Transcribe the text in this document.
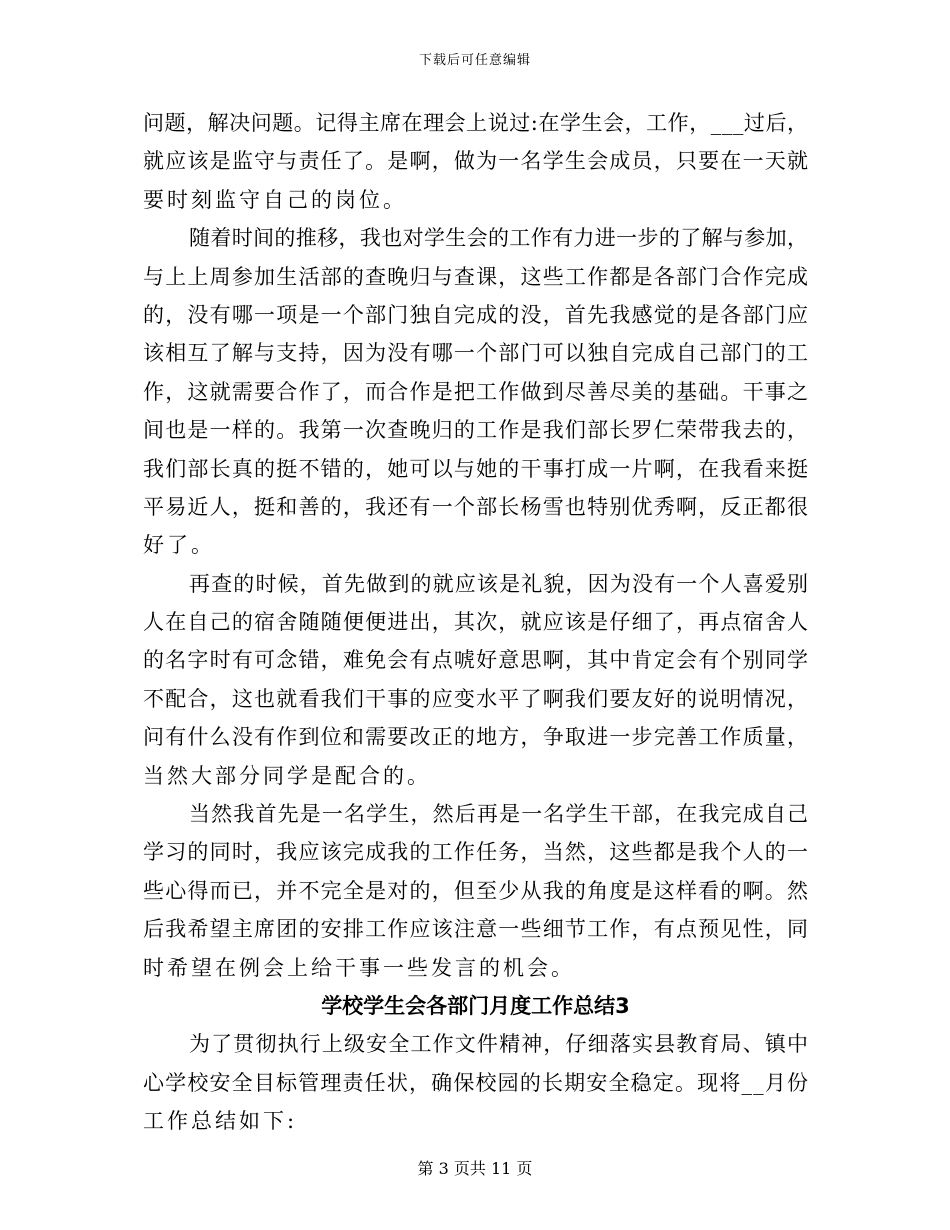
下载后可任意编辑
问题，解决问题。记得主席在理会上说过:在学生会，工作，___过后，
就应该是监守与责任了。是啊，做为一名学生会成员，只要在一天就
要时刻监守自己的岗位。
随着时间的推移，我也对学生会的工作有力进一步的了解与参加，
与上上周参加生活部的查晚归与查课，这些工作都是各部门合作完成
的，没有哪一项是一个部门独自完成的没，首先我感觉的是各部门应
该相互了解与支持，因为没有哪一个部门可以独自完成自己部门的工
作，这就需要合作了，而合作是把工作做到尽善尽美的基础。干事之
间也是一样的。我第一次查晚归的工作是我们部长罗仁荣带我去的，
我们部长真的挺不错的，她可以与她的干事打成一片啊，在我看来挺
平易近人，挺和善的，我还有一个部长杨雪也特别优秀啊，反正都很
好了。
再查的时候，首先做到的就应该是礼貌，因为没有一个人喜爱别
人在自己的宿舍随随便便进出，其次，就应该是仔细了，再点宿舍人
的名字时有可念错，难免会有点唬好意思啊，其中肯定会有个别同学
不配合，这也就看我们干事的应变水平了啊我们要友好的说明情况，
问有什么没有作到位和需要改正的地方，争取进一步完善工作质量，
当然大部分同学是配合的。
当然我首先是一名学生，然后再是一名学生干部，在我完成自己
学习的同时，我应该完成我的工作任务，当然，这些都是我个人的一
些心得而已，并不完全是对的，但至少从我的角度是这样看的啊。然
后我希望主席团的安排工作应该注意一些细节工作，有点预见性，同
时希望在例会上给干事一些发言的机会。
学校学生会各部门月度工作总结3
为了贯彻执行上级安全工作文件精神，仔细落实县教育局、镇中
心学校安全目标管理责任状，确保校园的长期安全稳定。现将__月份
工作总结如下:
第 3 页共 11 页
